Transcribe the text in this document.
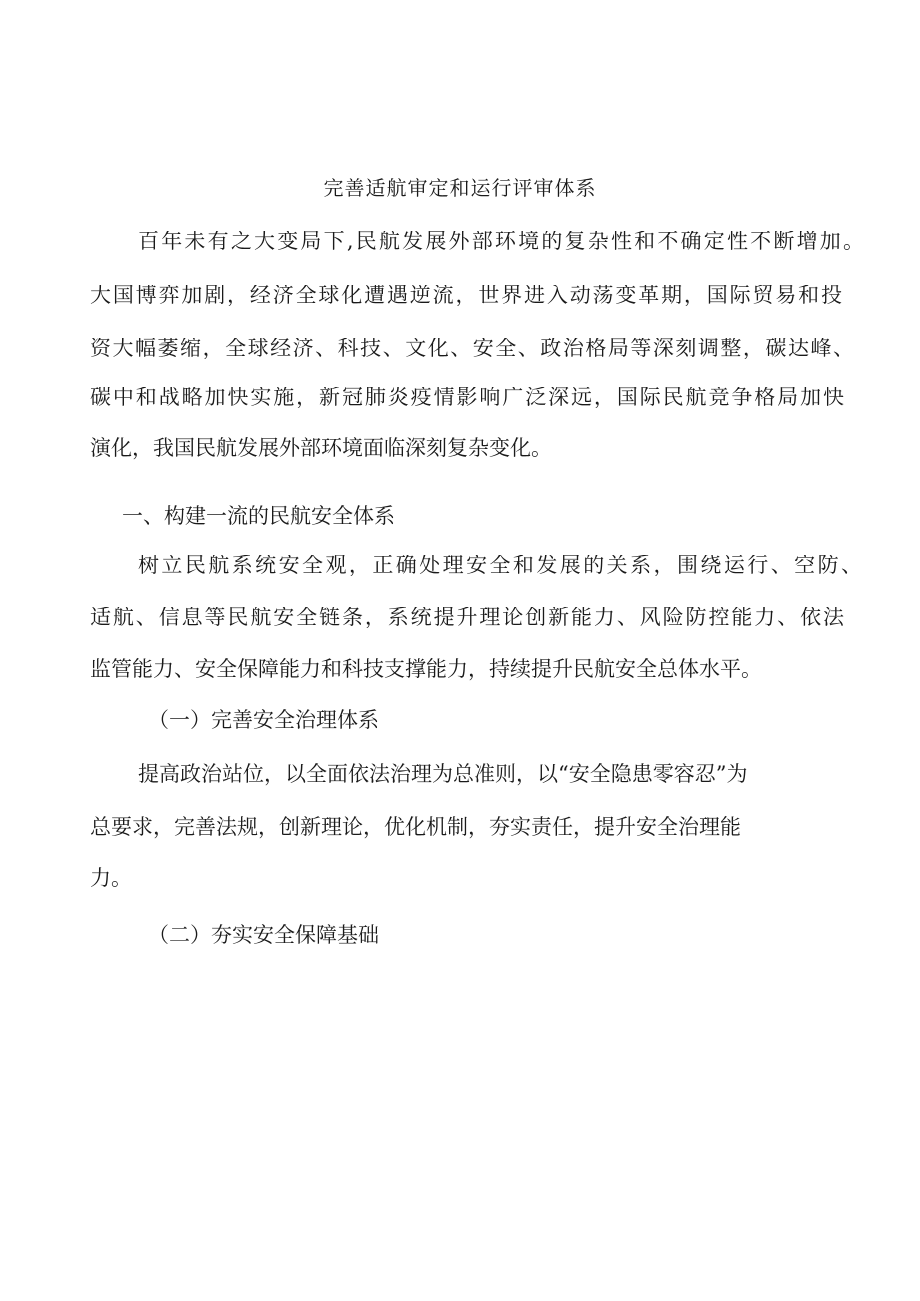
完善适航审定和运行评审体系
百年未有之大变局下,民航发展外部环境的复杂性和不确定性不断增加。
大国博弈加剧，经济全球化遭遇逆流，世界进入动荡变革期，国际贸易和投
资大幅萎缩，全球经济、科技、文化、安全、政治格局等深刻调整，碳达峰、
碳中和战略加快实施，新冠肺炎疫情影响广泛深远，国际民航竞争格局加快
演化，我国民航发展外部环境面临深刻复杂变化。
一、构建一流的民航安全体系
树立民航系统安全观，正确处理安全和发展的关系，围绕运行、空防、
适航、信息等民航安全链条，系统提升理论创新能力、风险防控能力、依法
监管能力、安全保障能力和科技支撑能力，持续提升民航安全总体水平。
（一）完善安全治理体系
提高政治站位，以全面依法治理为总准则，以“安全隐患零容忍”为
总要求，完善法规，创新理论，优化机制，夯实责任，提升安全治理能
力。
（二）夯实安全保障基础
